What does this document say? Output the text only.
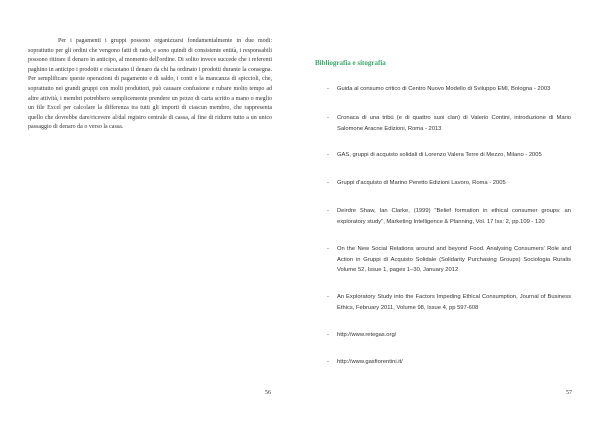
Per i pagamenti i gruppi possono organizzarsi fondamentalmente in due modi: soprattutto per gli ordini che vengono fatti di rado, e sono quindi di consistente entità, i responsabili possono ritirare il denaro in anticipo, al momento dell'ordine. Di solito invece succede che i referenti paghino in anticipo i prodotti e riscuotano il denaro da chi ha ordinato i prodotti durante la consegna. Per semplificare queste operazioni di pagamento e di saldo, i conti e la mancanza di spiccioli, che, soprattutto nei grandi gruppi con molti produttori, può causare confusione e rubare molto tempo ad altre attività, i membri potrebbero semplicemente prendere un pezzo di carta scritto a mano o meglio un file Excel per calcolare la differenza tra tutti gli importi di ciascun membro, che rappresenta quello che dovrebbe dare/ricevere al/dal registro centrale di cassa, al fine di ridurre tutto a un unico passaggio di denaro da o verso la cassa.

56
Bibliografia e sitografia
- Guida al consumo critico di Centro Nuovo Modello di Sviluppo EMI, Bologna - 2003
- Cronaca di una tribù (e di quattro suoi clan) di Valerio Contini, introduzione di Mario Salomone Aracne Edizioni, Roma - 2013
- GAS, gruppi di acquisto solidali di Lorenzo Valera Terre di Mezzo, Milano - 2005
- Gruppi d'acquisto di Marino Peretto Edizioni Lavoro, Roma - 2005
- Deirdre Shaw, Ian Clarke, (1999) "Belief formation in ethical consumer groups: an exploratory study", Marketing Intelligence & Planning, Vol. 17 Iss: 2, pp.109 - 120
- On the New Social Relations around and beyond Food. Analysing Consumers' Role and Action in Gruppi di Acquisto Solidale (Solidarity Purchasing Groups) Sociologia Ruralis Volume 52, Issue 1, pages 1–30, January 2012
- An Exploratory Study into the Factors Impeding Ethical Consumption, Journal of Business Ethics, February 2011, Volume 98, Issue 4, pp 597-608
- http://www.retegas.org/
- http://www.gasfiorentini.it/
57
